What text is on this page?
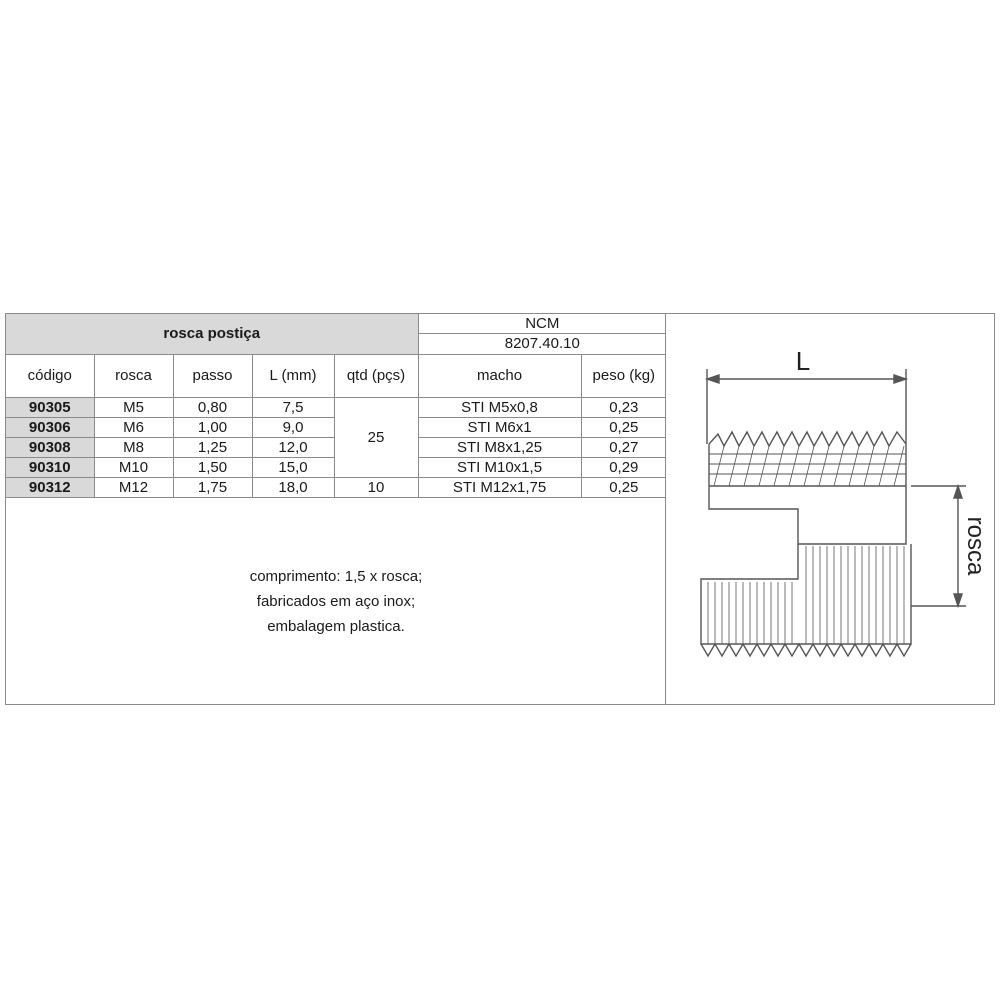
rosca postiça					NCM	
					8207.40.10	
código	rosca	passo	L (mm)	qtd (pçs)	macho	peso (kg)
90305	M5	0,80	7,5	25	STI M5x0,8	0,23
90306	M6	1,00	9,0		STI M6x1	0,25
90308	M8	1,25	12,0		STI M8x1,25	0,27
90310	M10	1,50	15,0		STI M10x1,5	0,29
90312	M12	1,75	18,0	10	STI M12x1,75	0,25
comprimento: 1,5 x rosca;
fabricados em aço inox;
embalagem plastica.
L
rosca
